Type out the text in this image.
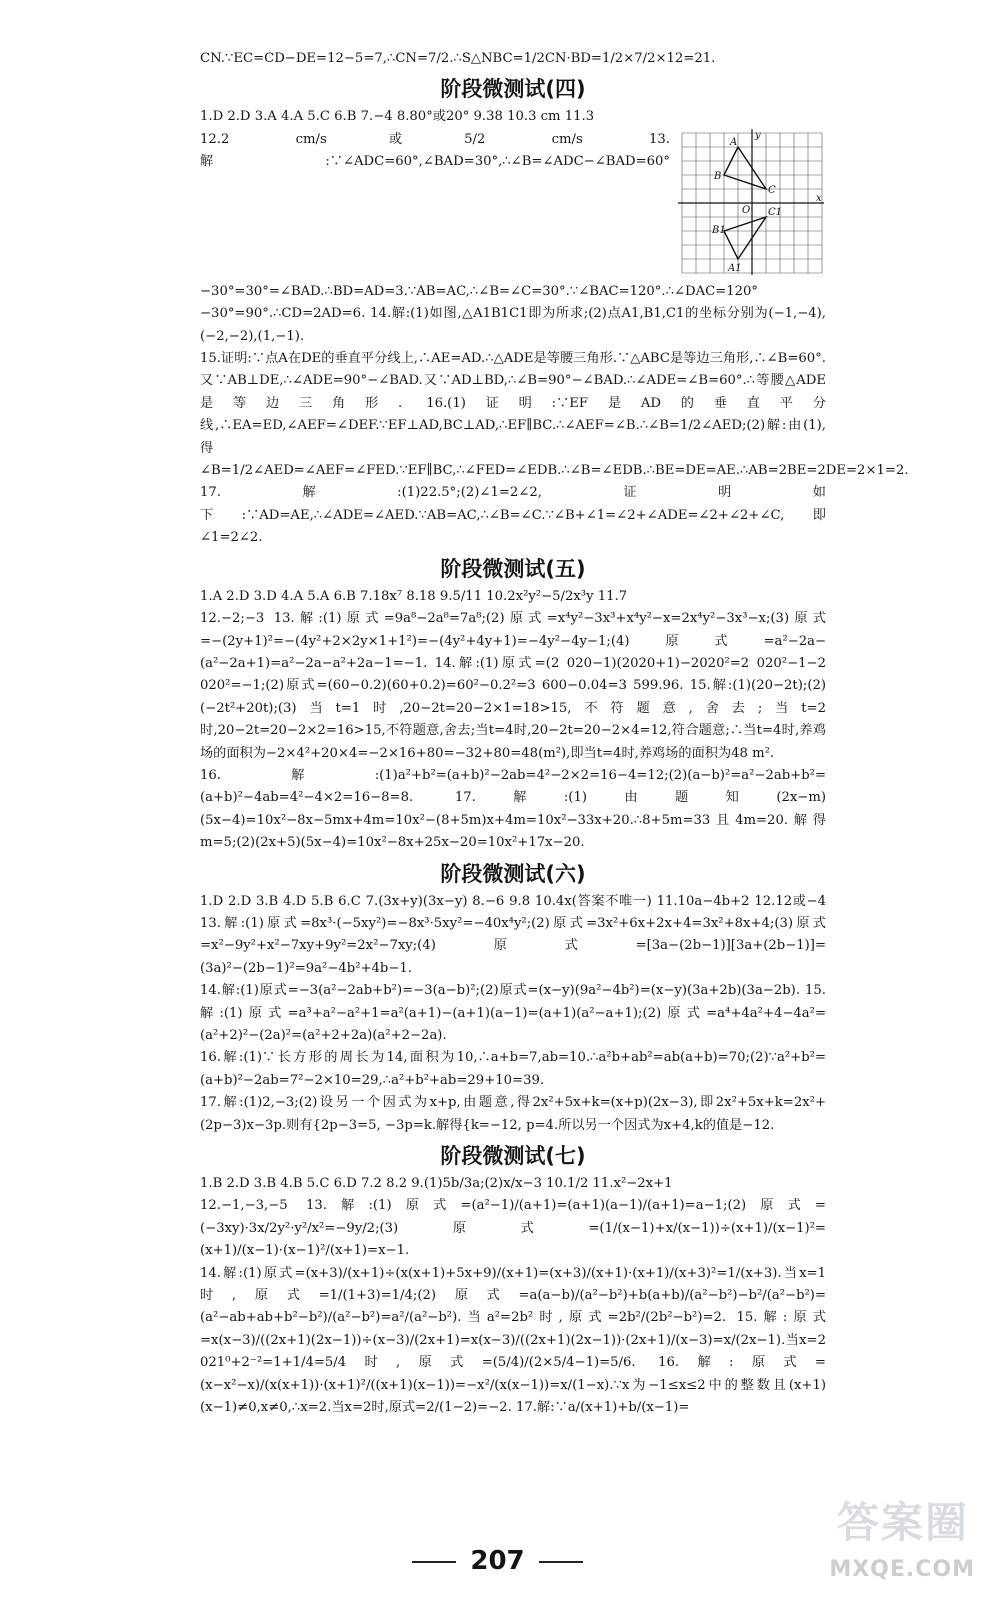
CN.∵EC=CD−DE=12−5=7,∴CN=7/2.∴S△NBC=1/2CN·BD=1/2×7/2×12=21.

阶段微测试(四)

1.D 2.D 3.A 4.A 5.C 6.B 7.−4 8.80°或20° 9.38 10.3 cm 11.3

A
B
C
O
B1
C1
A1
x
y

12.2 cm/s或5/2 cm/s 13.解:∵∠ADC=60°,∠BAD=30°,∴∠B=∠ADC−∠BAD=60°−30°=30°=∠BAD.∴BD=AD=3.∵AB=AC,∴∠B=∠C=30°.∵∠BAC=120°.∴∠DAC=120°−30°=90°.∴CD=2AD=6. 14.解:(1)如图,△A1B1C1即为所求;(2)点A1,B1,C1的坐标分别为(−1,−4),(−2,−2),(1,−1).

15.证明:∵点A在DE的垂直平分线上,∴AE=AD.∴△ADE是等腰三角形.∵△ABC是等边三角形,∴∠B=60°.又∵AB⊥DE,∴∠ADE=90°−∠BAD.又∵AD⊥BD,∴∠B=90°−∠BAD.∴∠ADE=∠B=60°.∴等腰△ADE是等边三角形. 16.(1)证明:∵EF是AD的垂直平分线,∴EA=ED,∠AEF=∠DEF.∵EF⊥AD,BC⊥AD,∴EF∥BC.∴∠AEF=∠B.∴∠B=1/2∠AED;(2)解:由(1),得∠B=1/2∠AED=∠AEF=∠FED.∵EF∥BC,∴∠FED=∠EDB.∴∠B=∠EDB.∴BE=DE=AE.∴AB=2BE=2DE=2×1=2. 17.解:(1)22.5°;(2)∠1=2∠2,证明如下:∵AD=AE,∴∠ADE=∠AED.∵AB=AC,∴∠B=∠C.∵∠B+∠1=∠2+∠ADE=∠2+∠2+∠C,即∠1=2∠2.

阶段微测试(五)

1.A 2.D 3.D 4.A 5.A 6.B 7.18x⁷ 8.18 9.5/11 10.2x²y²−5/2x³y 11.7

12.−2;−3 13.解:(1)原式=9a⁸−2a⁸=7a⁸;(2)原式=x⁴y²−3x³+x⁴y²−x=2x⁴y²−3x³−x;(3)原式=−(2y+1)²=−(4y²+2×2y×1+1²)=−(4y²+4y+1)=−4y²−4y−1;(4)原式=a²−2a−(a²−2a+1)=a²−2a−a²+2a−1=−1. 14.解:(1)原式=(2 020−1)(2020+1)−2020²=2 020²−1−2 020²=−1;(2)原式=(60−0.2)(60+0.2)=60²−0.2²=3 600−0.04=3 599.96. 15.解:(1)(20−2t);(2)(−2t²+20t);(3)当t=1时,20−2t=20−2×1=18>15,不符题意,舍去;当t=2时,20−2t=20−2×2=16>15,不符题意,舍去;当t=4时,20−2t=20−2×4=12,符合题意;∴当t=4时,养鸡场的面积为−2×4²+20×4=−2×16+80=−32+80=48(m²),即当t=4时,养鸡场的面积为48 m².

16.解:(1)a²+b²=(a+b)²−2ab=4²−2×2=16−4=12;(2)(a−b)²=a²−2ab+b²=(a+b)²−4ab=4²−4×2=16−8=8. 17.解:(1)由题知(2x−m)(5x−4)=10x²−8x−5mx+4m=10x²−(8+5m)x+4m=10x²−33x+20.∴8+5m=33且4m=20.解得m=5;(2)(2x+5)(5x−4)=10x²−8x+25x−20=10x²+17x−20.

阶段微测试(六)

1.D 2.D 3.B 4.D 5.B 6.C 7.(3x+y)(3x−y) 8.−6 9.8 10.4x(答案不唯一) 11.10a−4b+2 12.12或−4 13.解:(1)原式=8x³·(−5xy²)=−8x³·5xy²=−40x⁴y²;(2)原式=3x²+6x+2x+4=3x²+8x+4;(3)原式=x²−9y²+x²−7xy+9y²=2x²−7xy;(4)原式=[3a−(2b−1)][3a+(2b−1)]=(3a)²−(2b−1)²=9a²−4b²+4b−1.

14.解:(1)原式=−3(a²−2ab+b²)=−3(a−b)²;(2)原式=(x−y)(9a²−4b²)=(x−y)(3a+2b)(3a−2b). 15.解:(1)原式=a³+a²−a²+1=a²(a+1)−(a+1)(a−1)=(a+1)(a²−a+1);(2)原式=a⁴+4a²+4−4a²=(a²+2)²−(2a)²=(a²+2+2a)(a²+2−2a).

16.解:(1)∵长方形的周长为14,面积为10,∴a+b=7,ab=10.∴a²b+ab²=ab(a+b)=70;(2)∵a²+b²=(a+b)²−2ab=7²−2×10=29,∴a²+b²+ab=29+10=39.

17.解:(1)2,−3;(2)设另一个因式为x+p,由题意,得2x²+5x+k=(x+p)(2x−3),即2x²+5x+k=2x²+(2p−3)x−3p.则有{2p−3=5, −3p=k.解得{k=−12, p=4.所以另一个因式为x+4,k的值是−12.

阶段微测试(七)

1.B 2.D 3.B 4.B 5.C 6.D 7.2 8.2 9.(1)5b/3a;(2)x/x−3 10.1/2 11.x²−2x+1

12.−1,−3,−5 13.解:(1)原式=(a²−1)/(a+1)=(a+1)(a−1)/(a+1)=a−1;(2)原式=(−3xy)·3x/2y²·y²/x²=−9y/2;(3)原式=(1/(x−1)+x/(x−1))÷(x+1)/(x−1)²=(x+1)/(x−1)·(x−1)²/(x+1)=x−1.

14.解:(1)原式=(x+3)/(x+1)÷(x(x+1)+5x+9)/(x+1)=(x+3)/(x+1)·(x+1)/(x+3)²=1/(x+3).当x=1时,原式=1/(1+3)=1/4;(2)原式=a(a−b)/(a²−b²)+b(a+b)/(a²−b²)−b²/(a²−b²)=(a²−ab+ab+b²−b²)/(a²−b²)=a²/(a²−b²).当a²=2b²时,原式=2b²/(2b²−b²)=2. 15.解:原式=x(x−3)/((2x+1)(2x−1))÷(x−3)/(2x+1)=x(x−3)/((2x+1)(2x−1))·(2x+1)/(x−3)=x/(2x−1).当x=2 021⁰+2⁻²=1+1/4=5/4时,原式=(5/4)/(2×5/4−1)=5/6. 16.解:原式=(x−x²−x)/(x(x+1))·(x+1)²/((x+1)(x−1))=−x²/(x(x−1))=x/(1−x).∵x为−1≤x≤2中的整数且(x+1)(x−1)≠0,x≠0,∴x=2.当x=2时,原式=2/(1−2)=−2. 17.解:∵a/(x+1)+b/(x−1)=

207
答案圈
MXQE.COM
